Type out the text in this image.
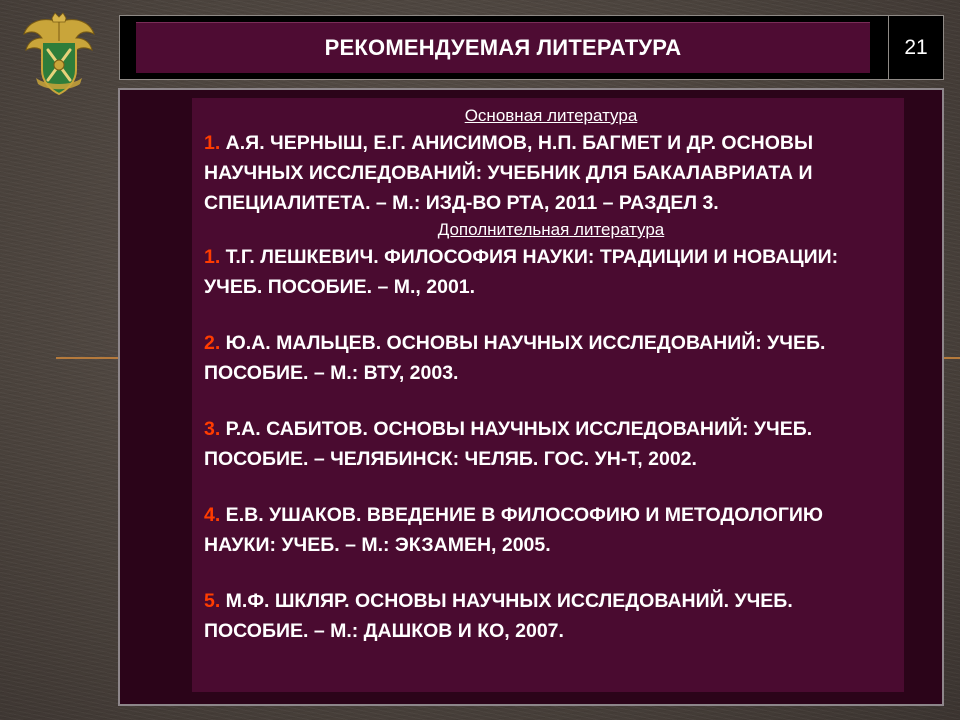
РЕКОМЕНДУЕМАЯ ЛИТЕРАТУРА	21
Основная литература

1. А.Я. ЧЕРНЫШ, Е.Г. АНИСИМОВ, Н.П. БАГМЕТ И ДР. ОСНОВЫ НАУЧНЫХ ИССЛЕДОВАНИЙ: УЧЕБНИК ДЛЯ БАКАЛАВРИАТА И СПЕЦИАЛИТЕТА. – М.: ИЗД-ВО РТА, 2011 – РАЗДЕЛ 3.

Дополнительная литература

1. Т.Г. ЛЕШКЕВИЧ. ФИЛОСОФИЯ НАУКИ: ТРАДИЦИИ И НОВАЦИИ: УЧЕБ. ПОСОБИЕ. – М., 2001.

2. Ю.А. МАЛЬЦЕВ. ОСНОВЫ НАУЧНЫХ ИССЛЕДОВАНИЙ: УЧЕБ. ПОСОБИЕ. – М.: ВТУ, 2003.

3. Р.А. САБИТОВ. ОСНОВЫ НАУЧНЫХ ИССЛЕДОВАНИЙ: УЧЕБ. ПОСОБИЕ. – ЧЕЛЯБИНСК: ЧЕЛЯБ. ГОС. УН-Т, 2002.

4. Е.В. УШАКОВ. ВВЕДЕНИЕ В ФИЛОСОФИЮ И МЕТОДОЛОГИЮ НАУКИ: УЧЕБ. – М.: ЭКЗАМЕН, 2005.

5. М.Ф. ШКЛЯР. ОСНОВЫ НАУЧНЫХ ИССЛЕДОВАНИЙ. УЧЕБ. ПОСОБИЕ. – М.: ДАШКОВ И КО, 2007.
